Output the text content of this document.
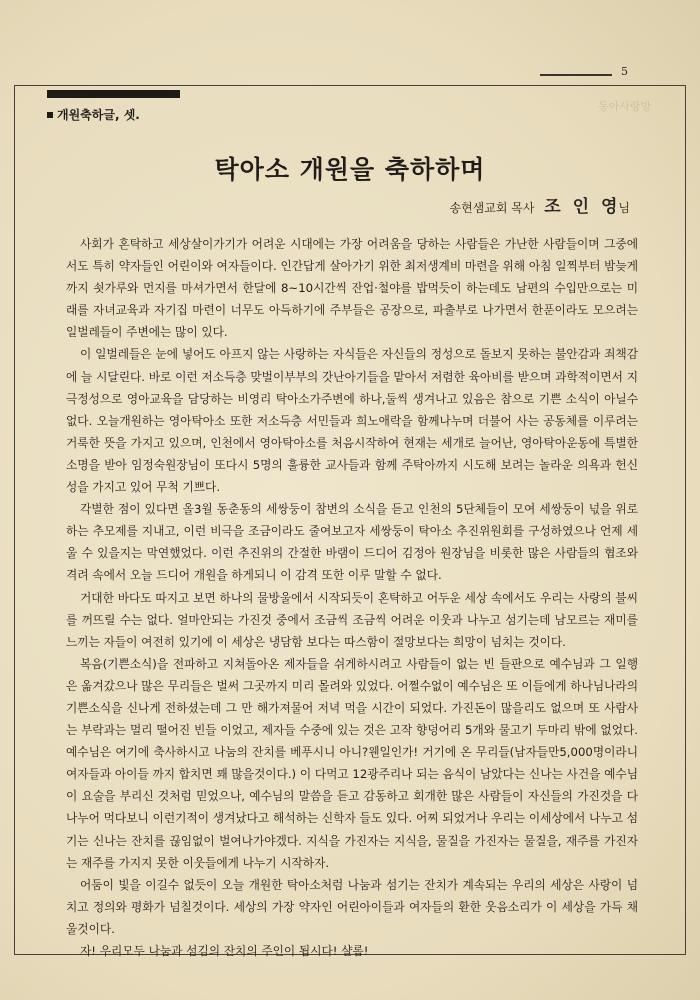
5
동아사랑방
개원축하글, 셋.
탁아소 개원을 축하하며
송현샘교회 목사 조 인 영님

사회가 혼탁하고 세상살이가기가 어려운 시대에는 가장 어려움을 당하는 사람들은 가난한 사람들이며 그중에서도 특히 약자들인 어린이와 여자들이다. 인간답게 살아가기 위한 최저생계비 마련을 위해 아침 일찍부터 밤늦게까지 쇳가루와 먼지를 마셔가면서 한달에 8~10시간씩 잔업·철야를 밥먹듯이 하는데도 남편의 수입만으로는 미래를 자녀교육과 자기집 마련이 너무도 아득하기에 주부들은 공장으로, 파출부로 나가면서 한푼이라도 모으려는 일벌레들이 주변에는 많이 있다.

이 일벌레들은 눈에 넣어도 아프지 않는 사랑하는 자식들은 자신들의 정성으로 돌보지 못하는 불안감과 죄책감에 늘 시달린다. 바로 이런 저소득층 맞벌이부부의 갓난아기들을 맡아서 저렴한 육아비를 받으며 과학적이면서 지극정성으로 영아교육을 담당하는 비영리 탁아소가주변에 하나,둘씩 생겨나고 있음은 참으로 기쁜 소식이 아닐수 없다. 오늘개원하는 영아탁아소 또한 저소득층 서민들과 희노애락을 함께나누며 더불어 사는 공동체를 이루려는 거룩한 뜻을 가지고 있으며, 인천에서 영아탁아소를 처음시작하여 현재는 세개로 늘어난, 영아탁아운동에 특별한 소명을 받아 임정숙원장님이 또다시 5명의 훌륭한 교사들과 함께 주탁아까지 시도해 보려는 놀라운 의욕과 헌신성을 가지고 있어 무척 기쁘다.

각별한 점이 있다면 올3월 동춘동의 세쌍둥이 참변의 소식을 듣고 인천의 5단체들이 모여 세쌍둥이 넋을 위로하는 추모제를 지내고, 이런 비극을 조금이라도 줄여보고자 세쌍둥이 탁아소 추진위원회를 구성하였으나 언제 세울 수 있을지는 막연했었다. 이런 추진위의 간절한 바램이 드디어 김정아 원장님을 비롯한 많은 사람들의 협조와 격려 속에서 오늘 드디어 개원을 하게되니 이 감격 또한 이루 말할 수 없다.

거대한 바다도 따지고 보면 하나의 물방울에서 시작되듯이 혼탁하고 어두운 세상 속에서도 우리는 사랑의 불씨를 꺼뜨릴 수는 없다. 얼마안되는 가진것 중에서 조금씩 조금씩 어려운 이웃과 나누고 섬기는데 남모르는 재미를 느끼는 자들이 여전히 있기에 이 세상은 냉담함 보다는 따스함이 절망보다는 희망이 넘치는 것이다.

복음(기쁜소식)을 전파하고 지쳐돌아온 제자들을 쉬게하시려고 사람들이 없는 빈 들판으로 예수님과 그 일행은 옮겨갔으나 많은 무리들은 벌써 그곳까지 미리 몰려와 있었다. 어쩔수없이 예수님은 또 이들에게 하나님나라의 기쁜소식을 신나게 전하셨는데 그 만 해가져물어 저녁 먹을 시간이 되었다. 가진돈이 많을리도 없으며 또 사람사는 부락과는 멀리 떨어진 빈들 이었고, 제자들 수중에 있는 것은 고작 향덩어리 5개와 물고기 두마리 밖에 없었다. 예수님은 여기에 축사하시고 나눔의 잔치를 베푸시니 아니?웬일인가! 거기에 온 무리들(남자들만5,000명이라니 여자들과 아이들 까지 합치면 꽤 많을것이다.) 이 다먹고 12광주리나 되는 음식이 남았다는 신나는 사건을 예수님이 요술을 부리신 것처럼 믿었으나, 예수님의 말씀을 듣고 감동하고 회개한 많은 사람들이 자신들의 가진것을 다 나누어 먹다보니 이런기적이 생겨났다고 해석하는 신학자 들도 있다. 어찌 되었거나 우리는 이세상에서 나누고 섬기는 신나는 잔치를 끊임없이 벌여나가야겠다. 지식을 가진자는 지식을, 물질을 가진자는 물질을, 재주를 가진자는 재주를 가지지 못한 이웃들에게 나누기 시작하자.

어둠이 빛을 이길수 없듯이 오늘 개원한 탁아소처럼 나눔과 섬기는 잔치가 계속되는 우리의 세상은 사랑이 넘치고 정의와 평화가 넘칠것이다. 세상의 가장 약자인 어린아이들과 여자들의 환한 웃음소리가 이 세상을 가득 채울것이다.

자! 우리모두 나눔과 섬김의 잔치의 주인이 됩시다! 샬롬!
